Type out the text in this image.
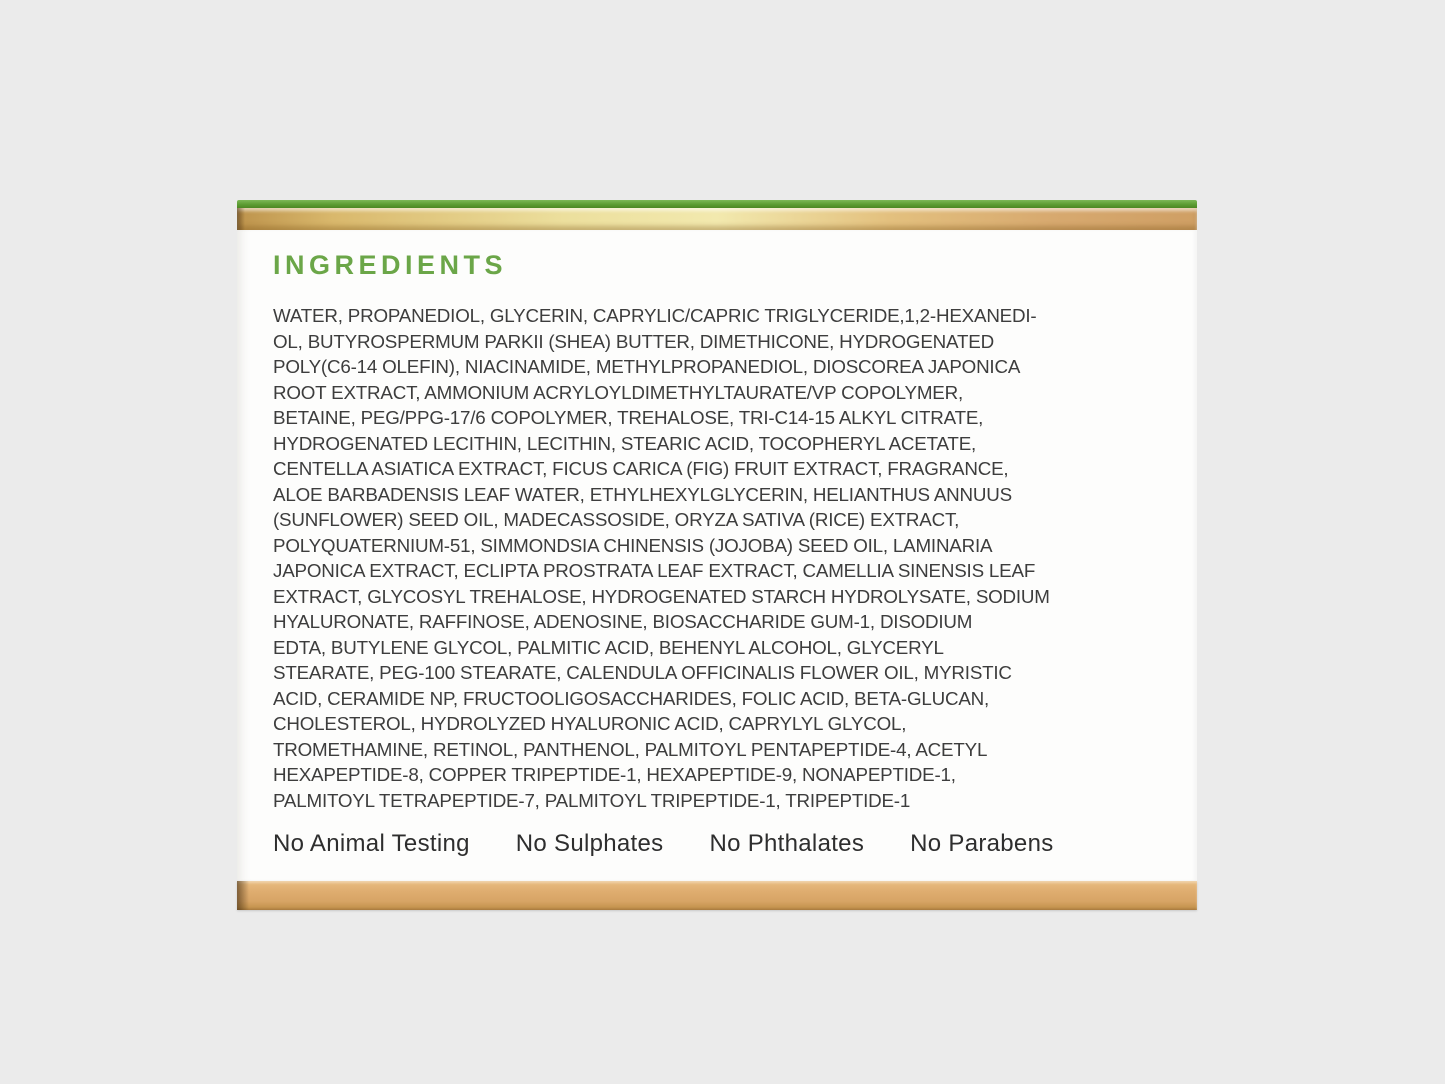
INGREDIENTS
WATER, PROPANEDIOL, GLYCERIN, CAPRYLIC/CAPRIC TRIGLYCERIDE,1,2-HEXANEDI-
OL, BUTYROSPERMUM PARKII (SHEA) BUTTER, DIMETHICONE, HYDROGENATED
POLY(C6-14 OLEFIN), NIACINAMIDE, METHYLPROPANEDIOL, DIOSCOREA JAPONICA
ROOT EXTRACT, AMMONIUM ACRYLOYLDIMETHYLTAURATE/VP COPOLYMER,
BETAINE, PEG/PPG-17/6 COPOLYMER, TREHALOSE, TRI-C14-15 ALKYL CITRATE,
HYDROGENATED LECITHIN, LECITHIN, STEARIC ACID, TOCOPHERYL ACETATE,
CENTELLA ASIATICA EXTRACT, FICUS CARICA (FIG) FRUIT EXTRACT, FRAGRANCE,
ALOE BARBADENSIS LEAF WATER, ETHYLHEXYLGLYCERIN, HELIANTHUS ANNUUS
(SUNFLOWER) SEED OIL, MADECASSOSIDE, ORYZA SATIVA (RICE) EXTRACT,
POLYQUATERNIUM-51, SIMMONDSIA CHINENSIS (JOJOBA) SEED OIL, LAMINARIA
JAPONICA EXTRACT, ECLIPTA PROSTRATA LEAF EXTRACT, CAMELLIA SINENSIS LEAF
EXTRACT, GLYCOSYL TREHALOSE, HYDROGENATED STARCH HYDROLYSATE, SODIUM
HYALURONATE, RAFFINOSE, ADENOSINE, BIOSACCHARIDE GUM-1, DISODIUM
EDTA, BUTYLENE GLYCOL, PALMITIC ACID, BEHENYL ALCOHOL, GLYCERYL
STEARATE, PEG-100 STEARATE, CALENDULA OFFICINALIS FLOWER OIL, MYRISTIC
ACID, CERAMIDE NP, FRUCTOOLIGOSACCHARIDES, FOLIC ACID, BETA-GLUCAN,
CHOLESTEROL, HYDROLYZED HYALURONIC ACID, CAPRYLYL GLYCOL,
TROMETHAMINE, RETINOL, PANTHENOL, PALMITOYL PENTAPEPTIDE-4, ACETYL
HEXAPEPTIDE-8, COPPER TRIPEPTIDE-1, HEXAPEPTIDE-9, NONAPEPTIDE-1,
PALMITOYL TETRAPEPTIDE-7, PALMITOYL TRIPEPTIDE-1, TRIPEPTIDE-1
No Animal Testing No Sulphates No Phthalates No Parabens
